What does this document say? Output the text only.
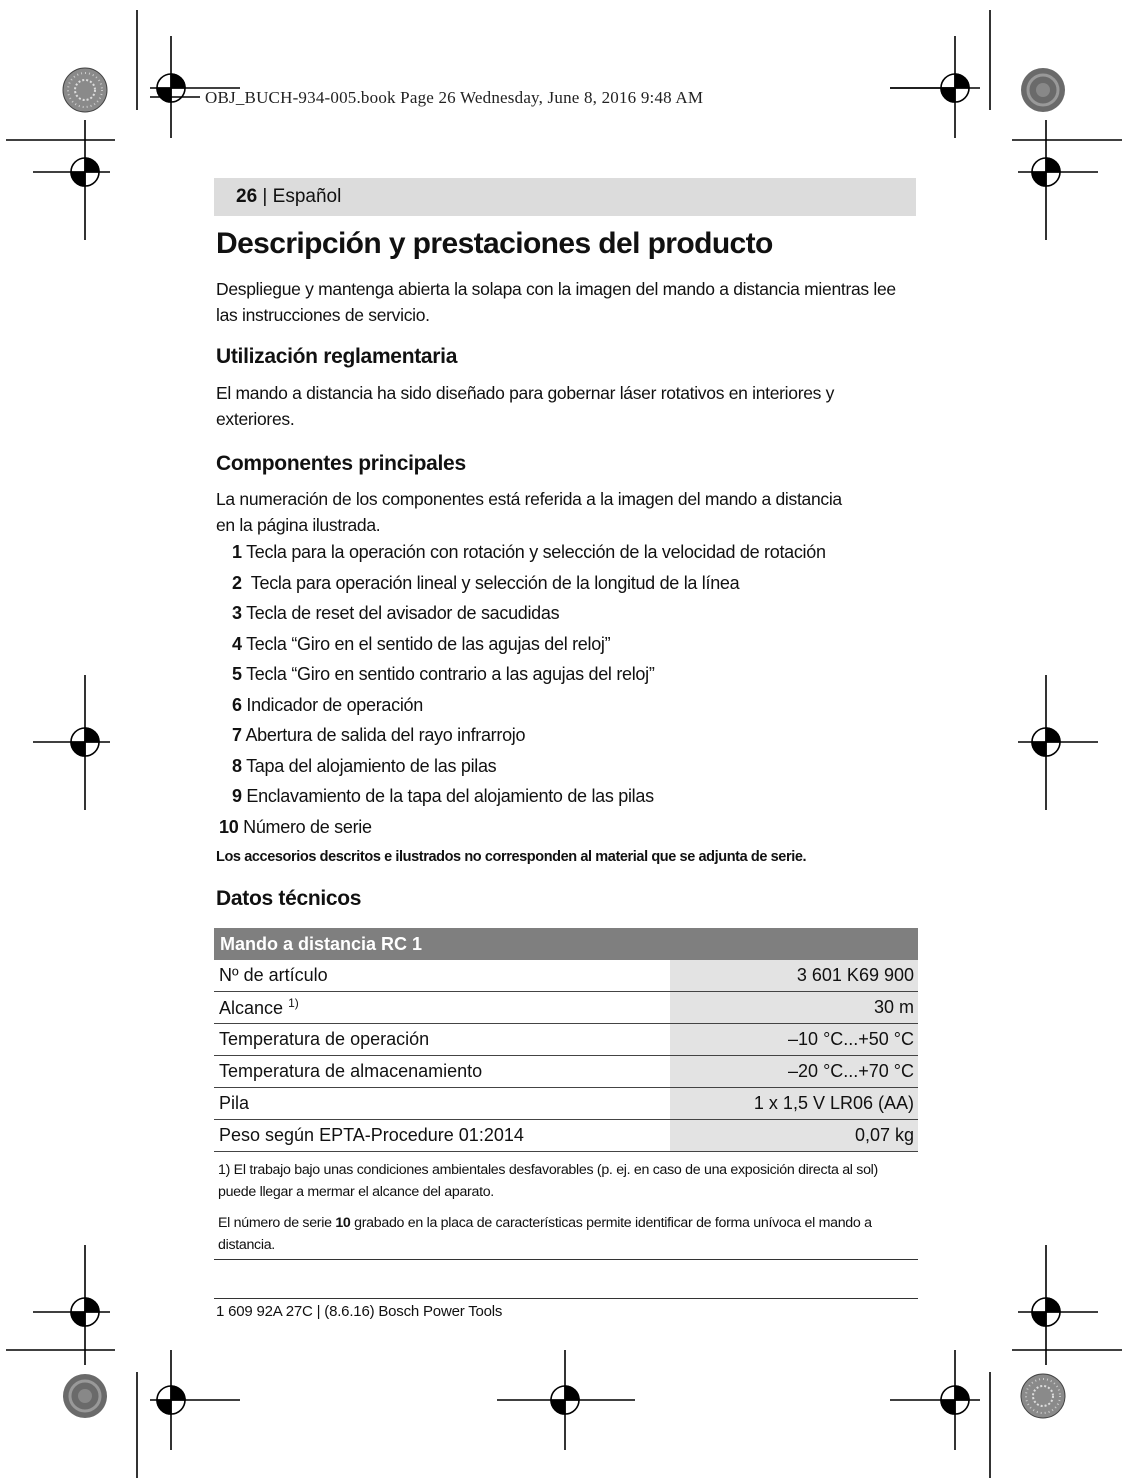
OBJ_BUCH-934-005.book Page 26 Wednesday, June 8, 2016 9:48 AM
26 | Español
Descripción y prestaciones del producto
Despliegue y mantenga abierta la solapa con la imagen del mando a distancia mientras lee las instrucciones de servicio.
Utilización reglamentaria
El mando a distancia ha sido diseñado para gobernar láser rotativos en interiores y exteriores.
Componentes principales
La numeración de los componentes está referida a la imagen del mando a distancia en la página ilustrada.
1 Tecla para la operación con rotación y selección de la velocidad de rotación
2 Tecla para operación lineal y selección de la longitud de la línea
3 Tecla de reset del avisador de sacudidas
4 Tecla “Giro en el sentido de las agujas del reloj”
5 Tecla “Giro en sentido contrario a las agujas del reloj”
6 Indicador de operación
7 Abertura de salida del rayo infrarrojo
8 Tapa del alojamiento de las pilas
9 Enclavamiento de la tapa del alojamiento de las pilas
10 Número de serie
Los accesorios descritos e ilustrados no corresponden al material que se adjunta de serie.
Datos técnicos
Mando a distancia RC 1	
Nº de artículo	3 601 K69 900
Alcance $^{1)}$	30 m
Temperatura de operación	–10 °C...+50 °C
Temperatura de almacenamiento	–20 °C...+70 °C
Pila	1 x 1,5 V LR06 (AA)
Peso según EPTA-Procedure 01:2014	0,07 kg
1) El trabajo bajo unas condiciones ambientales desfavorables (p. ej. en caso de una exposición directa al sol) puede llegar a mermar el alcance del aparato.
El número de serie 10 grabado en la placa de características permite identificar de forma unívoca el mando a distancia.
1 609 92A 27C | (8.6.16) Bosch Power Tools
